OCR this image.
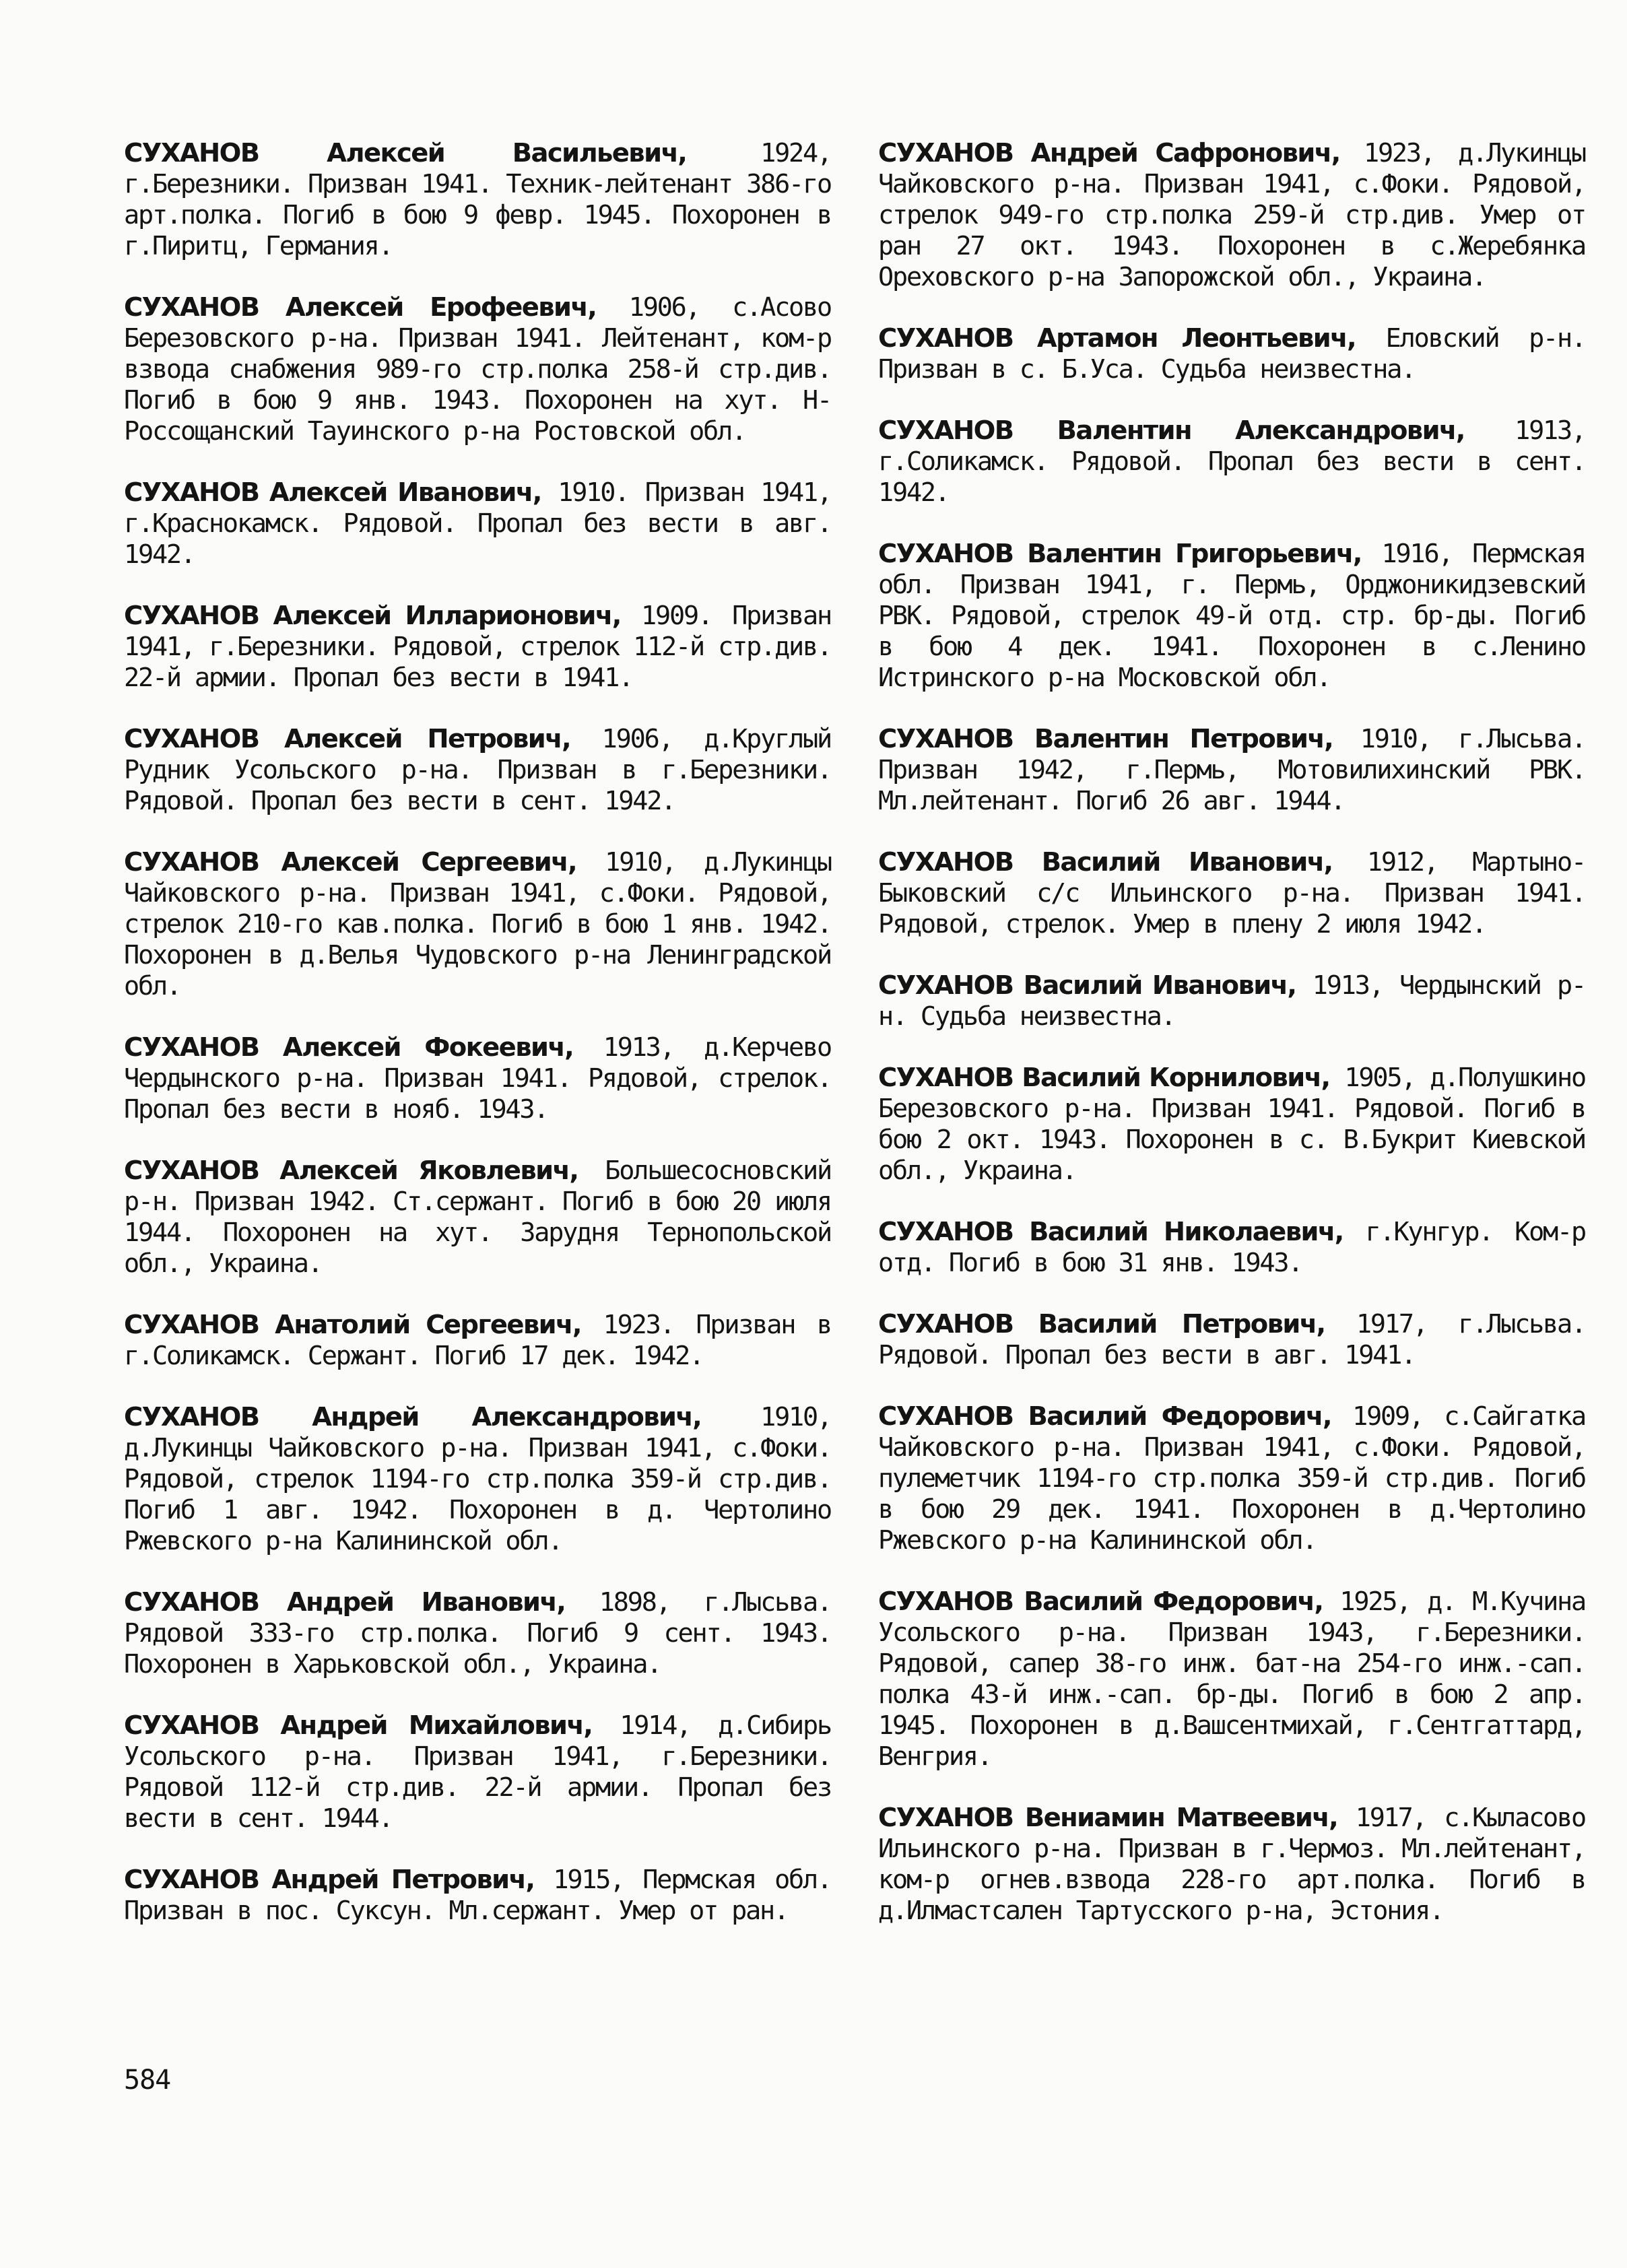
СУХАНОВ Алексей Васильевич, 1924, г.Березники. Призван 1941. Техник-лейтенант 386-го арт.полка. Погиб в бою 9 февр. 1945. Похоронен в г.Пиритц, Германия.

СУХАНОВ Алексей Ерофеевич, 1906, с.Асово Березовского р-на. Призван 1941. Лейтенант, ком-р взвода снабжения 989-го стр.полка 258-й стр.див. Погиб в бою 9 янв. 1943. Похоронен на хут. Н-Россощанский Тауинского р-на Ростовской обл.

СУХАНОВ Алексей Иванович, 1910. Призван 1941, г.Краснокамск. Рядовой. Пропал без вести в авг. 1942.

СУХАНОВ Алексей Илларионович, 1909. Призван 1941, г.Березники. Рядовой, стрелок 112-й стр.див. 22-й армии. Пропал без вести в 1941.

СУХАНОВ Алексей Петрович, 1906, д.Круглый Рудник Усольского р-на. Призван в г.Березники. Рядовой. Пропал без вести в сент. 1942.

СУХАНОВ Алексей Сергеевич, 1910, д.Лукинцы Чайковского р-на. Призван 1941, с.Фоки. Рядовой, стрелок 210-го кав.полка. Погиб в бою 1 янв. 1942. Похоронен в д.Велья Чудовского р-на Ленинградской обл.

СУХАНОВ Алексей Фокеевич, 1913, д.Керчево Чердынского р-на. Призван 1941. Рядовой, стрелок. Пропал без вести в нояб. 1943.

СУХАНОВ Алексей Яковлевич, Большесосновский р-н. Призван 1942. Ст.сержант. Погиб в бою 20 июля 1944. Похоронен на хут. Зарудня Тернопольской обл., Украина.

СУХАНОВ Анатолий Сергеевич, 1923. Призван в г.Соликамск. Сержант. Погиб 17 дек. 1942.

СУХАНОВ Андрей Александрович, 1910, д.Лукинцы Чайковского р-на. Призван 1941, с.Фоки. Рядовой, стрелок 1194-го стр.полка 359-й стр.див. Погиб 1 авг. 1942. Похоронен в д. Чертолино Ржевского р-на Калининской обл.

СУХАНОВ Андрей Иванович, 1898, г.Лысьва. Рядовой 333-го стр.полка. Погиб 9 сент. 1943. Похоронен в Харьковской обл., Украина.

СУХАНОВ Андрей Михайлович, 1914, д.Сибирь Усольского р-на. Призван 1941, г.Березники. Рядовой 112-й стр.див. 22-й армии. Пропал без вести в сент. 1944.

СУХАНОВ Андрей Петрович, 1915, Пермская обл. Призван в пос. Суксун. Мл.сержант. Умер от ран.

СУХАНОВ Андрей Сафронович, 1923, д.Лукинцы Чайковского р-на. Призван 1941, с.Фоки. Рядовой, стрелок 949-го стр.полка 259-й стр.див. Умер от ран 27 окт. 1943. Похоронен в с.Жеребянка Ореховского р-на Запорожской обл., Украина.

СУХАНОВ Артамон Леонтьевич, Еловский р-н. Призван в с. Б.Уса. Судьба неизвестна.

СУХАНОВ Валентин Александрович, 1913, г.Соликамск. Рядовой. Пропал без вести в сент. 1942.

СУХАНОВ Валентин Григорьевич, 1916, Пермская обл. Призван 1941, г. Пермь, Орджоникидзевский РВК. Рядовой, стрелок 49-й отд. стр. бр-ды. Погиб в бою 4 дек. 1941. Похоронен в с.Ленино Истринского р-на Московской обл.

СУХАНОВ Валентин Петрович, 1910, г.Лысьва. Призван 1942, г.Пермь, Мотовилихинский РВК. Мл.лейтенант. Погиб 26 авг. 1944.

СУХАНОВ Василий Иванович, 1912, Мартыно-Быковский с/с Ильинского р-на. Призван 1941. Рядовой, стрелок. Умер в плену 2 июля 1942.

СУХАНОВ Василий Иванович, 1913, Чердынский р-н. Судьба неизвестна.

СУХАНОВ Василий Корнилович, 1905, д.Полушкино Березовского р-на. Призван 1941. Рядовой. Погиб в бою 2 окт. 1943. Похоронен в с. В.Букрит Киевской обл., Украина.

СУХАНОВ Василий Николаевич, г.Кунгур. Ком-р отд. Погиб в бою 31 янв. 1943.

СУХАНОВ Василий Петрович, 1917, г.Лысьва. Рядовой. Пропал без вести в авг. 1941.

СУХАНОВ Василий Федорович, 1909, с.Сайгатка Чайковского р-на. Призван 1941, с.Фоки. Рядовой, пулеметчик 1194-го стр.полка 359-й стр.див. Погиб в бою 29 дек. 1941. Похоронен в д.Чертолино Ржевского р-на Калининской обл.

СУХАНОВ Василий Федорович, 1925, д. М.Кучина Усольского р-на. Призван 1943, г.Березники. Рядовой, сапер 38-го инж. бат-на 254-го инж.-сап. полка 43-й инж.-сап. бр-ды. Погиб в бою 2 апр. 1945. Похоронен в д.Вашсентмихай, г.Сентгаттард, Венгрия.

СУХАНОВ Вениамин Матвеевич, 1917, с.Кыласово Ильинского р-на. Призван в г.Чермоз. Мл.лейтенант, ком-р огнев.взвода 228-го арт.полка. Погиб в д.Илмастсален Тартусского р-на, Эстония.

584
